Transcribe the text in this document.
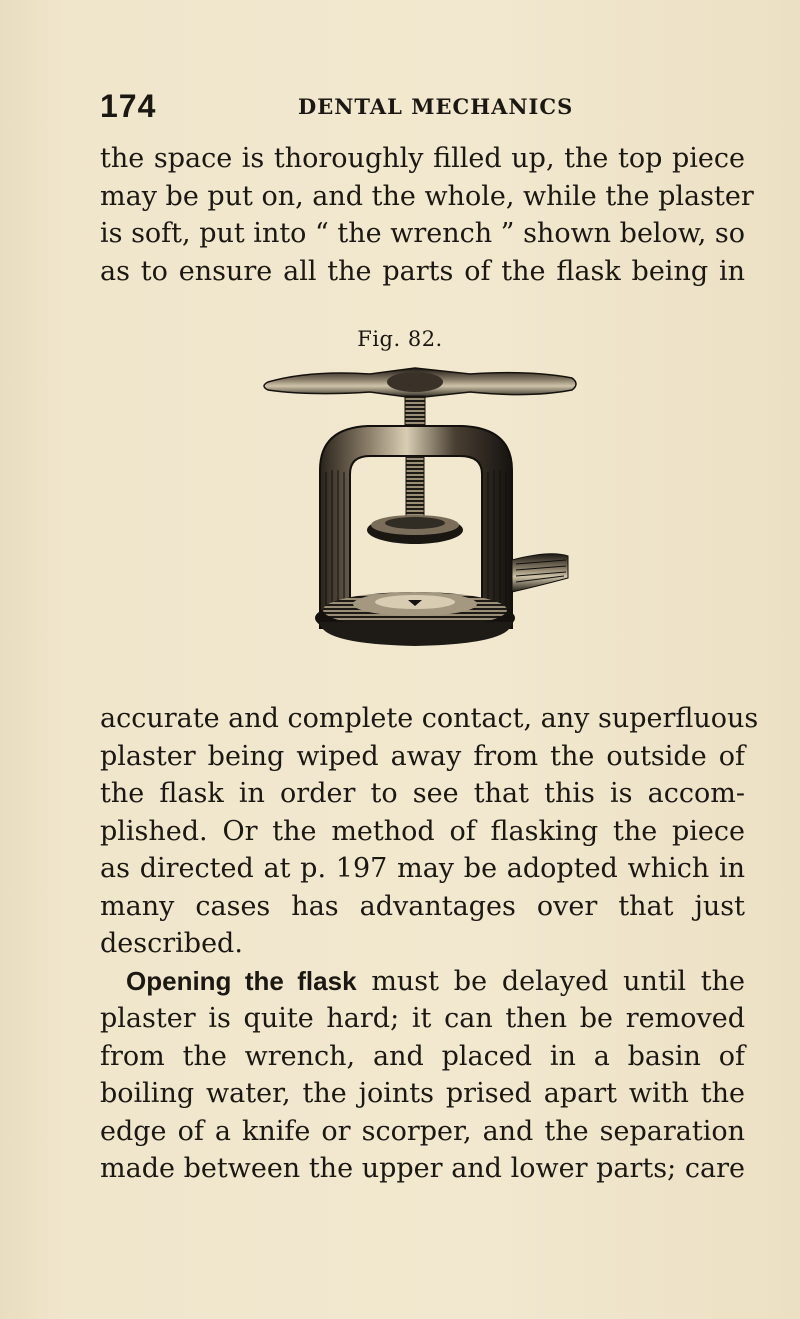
174	DENTAL MECHANICS
the space is thoroughly filled up, the top piece
may be put on, and the whole, while the plaster
is soft, put into “ the wrench ” shown below, so
as to ensure all the parts of the flask being in
Fig. 82.
accurate and complete contact, any superfluous
plaster being wiped away from the outside of
the flask in order to see that this is accom-
plished. Or the method of flasking the piece
as directed at p. 197 may be adopted which in
many cases has advantages over that just
described.
Opening the flask must be delayed until the
plaster is quite hard; it can then be removed
from the wrench, and placed in a basin of
boiling water, the joints prised apart with the
edge of a knife or scorper, and the separation
made between the upper and lower parts; care
